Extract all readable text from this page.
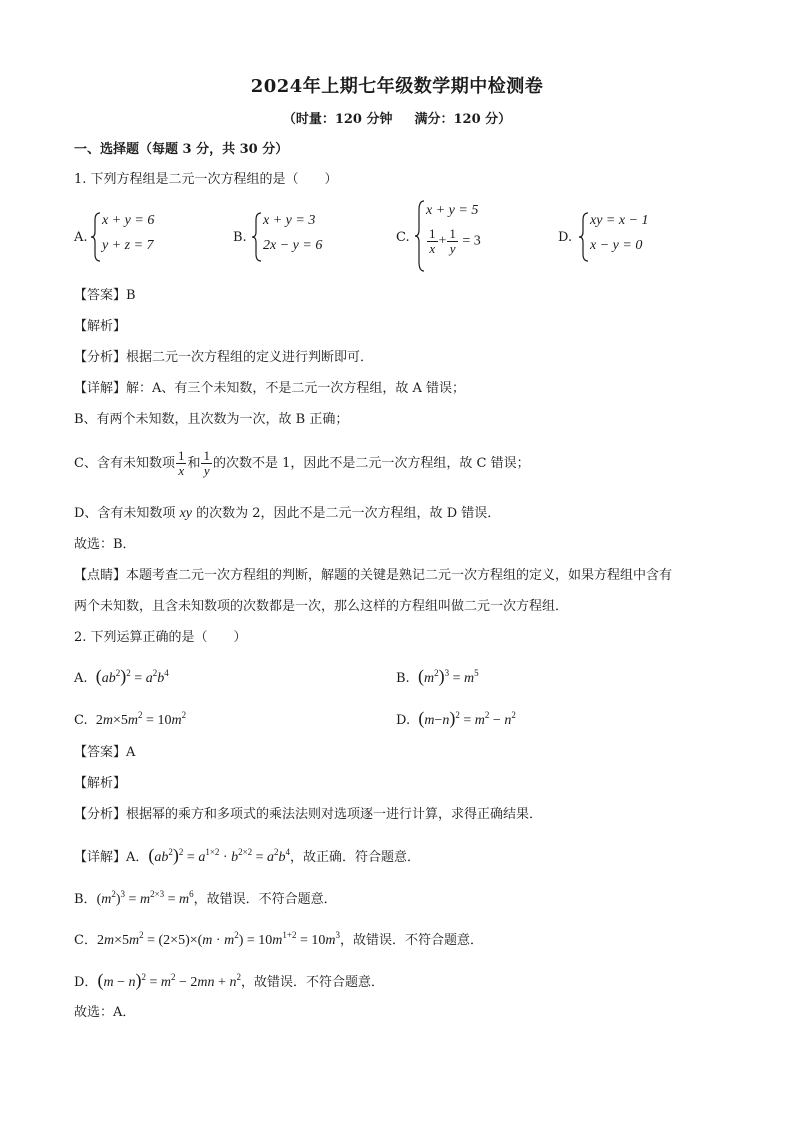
2024年上期七年级数学期中检测卷
（时量：120 分钟 满分：120 分）
一、选择题（每题 3 分，共 30 分）
1. 下列方程组是二元一次方程组的是（　　）
A.
x + y = 6
y + z = 7
B.
x + y = 3
2x − y = 6
C.
x + y = 5
$\frac{1}{x} + \frac{1}{y} = 3$	D.
xy = x − 1
x − y = 0
【答案】B
【解析】
【分析】根据二元一次方程组的定义进行判断即可．
【详解】解：A、有三个未知数，不是二元一次方程组，故 A 错误；
B、有两个未知数，且次数为一次，故 B 正确；
C、含有未知数项 $\frac{1}{x}$ 和 $\frac{1}{y}$ 的次数不是 1，因此不是二元一次方程组，故 C 错误；
D、含有未知数项 xy 的次数为 2，因此不是二元一次方程组，故 D 错误．
故选：B．
【点睛】本题考查二元一次方程组的判断，解题的关键是熟记二元一次方程组的定义，如果方程组中含有
两个未知数，且含未知数项的次数都是一次，那么这样的方程组叫做二元一次方程组．
2. 下列运算正确的是（　　）
A.  $(ab^2)^2 = a^2b^4$	B.  $(m^2)^3 = m^5$
C.  $2m\times 5m^2 = 10m^2$	D.  $(m-n)^2 = m^2 - n^2$
【答案】A
【解析】
【分析】根据幂的乘方和多项式的乘法法则对选项逐一进行计算，求得正确结果．
【详解】A．$(ab^2)^2 = a^{1\times 2} \cdot b^{2\times 2} = a^2b^4$，故正确．符合题意．
B．$(m^2)^3 = m^{2\times 3} = m^6$，故错误．不符合题意．
C．$2m\times 5m^2 = (2\times 5)\times(m \cdot m^2) = 10m^{1+2} = 10m^3$，故错误．不符合题意．
D．$(m - n)^2 = m^2 - 2mn + n^2$，故错误．不符合题意．
故选：A．
